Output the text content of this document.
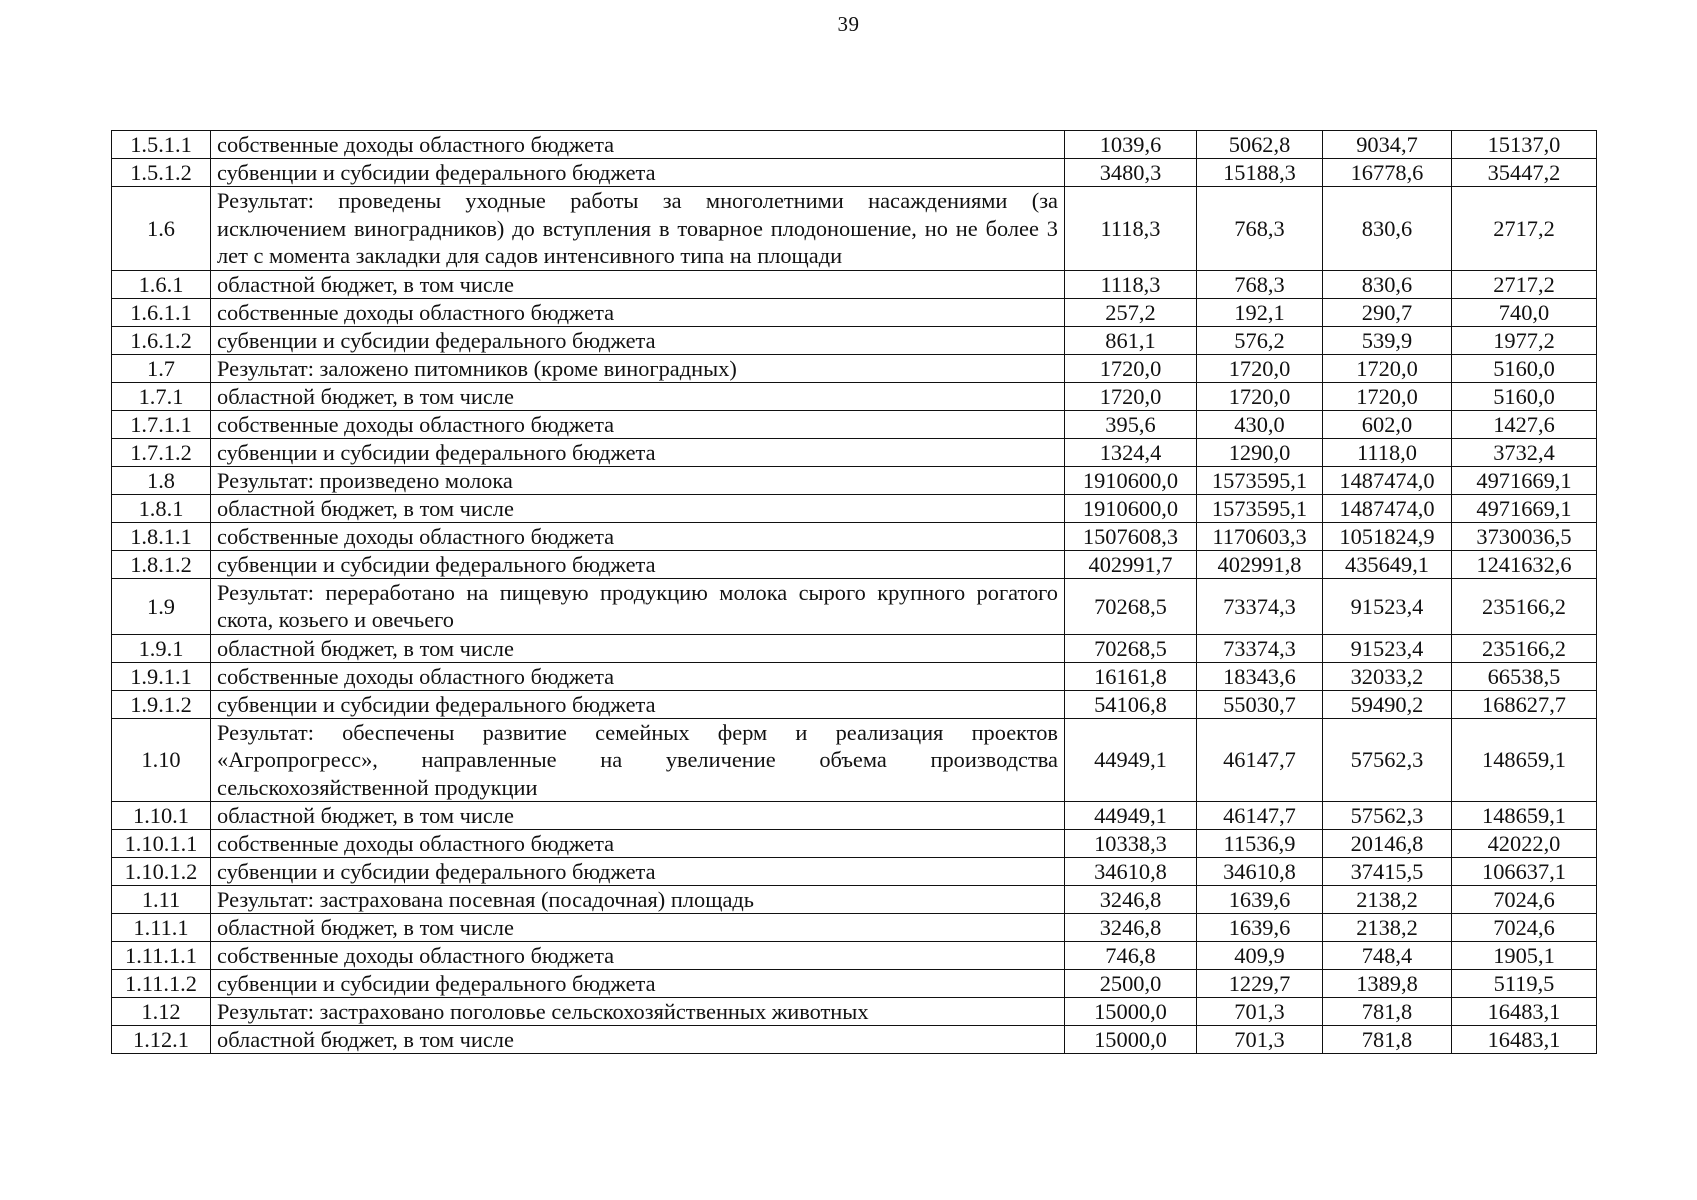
39
1.5.1.1	собственные доходы областного бюджета	1039,6	5062,8	9034,7	15137,0
1.5.1.2	субвенции и субсидии федерального бюджета	3480,3	15188,3	16778,6	35447,2
1.6	Результат: проведены уходные работы за многолетними насаждениями (за исключением виноградников) до вступления в товарное плодоношение, но не более 3 лет с момента закладки для садов интенсивного типа на площади	1118,3	768,3	830,6	2717,2
1.6.1	областной бюджет, в том числе	1118,3	768,3	830,6	2717,2
1.6.1.1	собственные доходы областного бюджета	257,2	192,1	290,7	740,0
1.6.1.2	субвенции и субсидии федерального бюджета	861,1	576,2	539,9	1977,2
1.7	Результат: заложено питомников (кроме виноградных)	1720,0	1720,0	1720,0	5160,0
1.7.1	областной бюджет, в том числе	1720,0	1720,0	1720,0	5160,0
1.7.1.1	собственные доходы областного бюджета	395,6	430,0	602,0	1427,6
1.7.1.2	субвенции и субсидии федерального бюджета	1324,4	1290,0	1118,0	3732,4
1.8	Результат: произведено молока	1910600,0	1573595,1	1487474,0	4971669,1
1.8.1	областной бюджет, в том числе	1910600,0	1573595,1	1487474,0	4971669,1
1.8.1.1	собственные доходы областного бюджета	1507608,3	1170603,3	1051824,9	3730036,5
1.8.1.2	субвенции и субсидии федерального бюджета	402991,7	402991,8	435649,1	1241632,6
1.9	Результат: переработано на пищевую продукцию молока сырого крупного рогатого скота, козьего и овечьего	70268,5	73374,3	91523,4	235166,2
1.9.1	областной бюджет, в том числе	70268,5	73374,3	91523,4	235166,2
1.9.1.1	собственные доходы областного бюджета	16161,8	18343,6	32033,2	66538,5
1.9.1.2	субвенции и субсидии федерального бюджета	54106,8	55030,7	59490,2	168627,7
1.10	Результат: обеспечены развитие семейных ферм и реализация проектов «Агропрогресс», направленные на увеличение объема производства сельскохозяйственной продукции	44949,1	46147,7	57562,3	148659,1
1.10.1	областной бюджет, в том числе	44949,1	46147,7	57562,3	148659,1
1.10.1.1	собственные доходы областного бюджета	10338,3	11536,9	20146,8	42022,0
1.10.1.2	субвенции и субсидии федерального бюджета	34610,8	34610,8	37415,5	106637,1
1.11	Результат: застрахована посевная (посадочная) площадь	3246,8	1639,6	2138,2	7024,6
1.11.1	областной бюджет, в том числе	3246,8	1639,6	2138,2	7024,6
1.11.1.1	собственные доходы областного бюджета	746,8	409,9	748,4	1905,1
1.11.1.2	субвенции и субсидии федерального бюджета	2500,0	1229,7	1389,8	5119,5
1.12	Результат: застраховано поголовье сельскохозяйственных животных	15000,0	701,3	781,8	16483,1
1.12.1	областной бюджет, в том числе	15000,0	701,3	781,8	16483,1
